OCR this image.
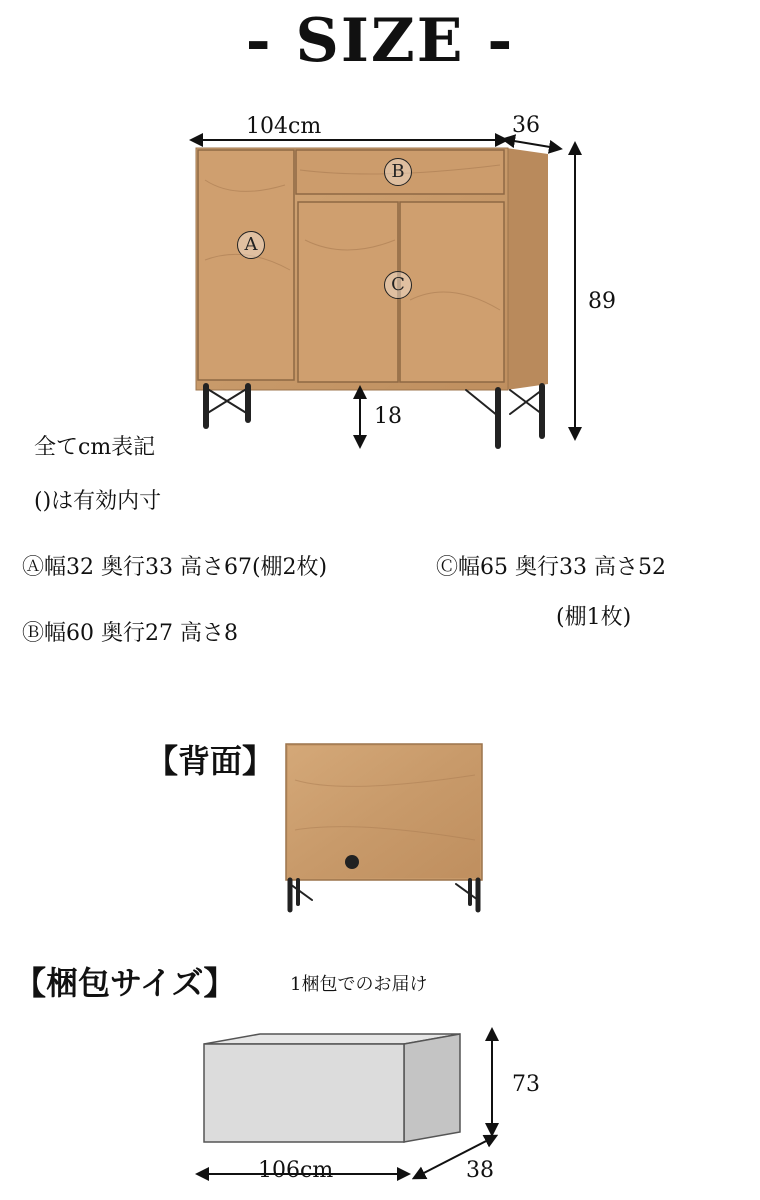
- SIZE -
A
B
C
104cm	36
89
18
全てcm表記
()は有効内寸
Ⓐ幅32 奥行33 高さ67(棚2枚)	Ⓒ幅65 奥行33 高さ52
(棚1枚)
Ⓑ幅60 奥行27 高さ8
【背面】
【梱包サイズ】	1梱包でのお届け
73
106cm	38
